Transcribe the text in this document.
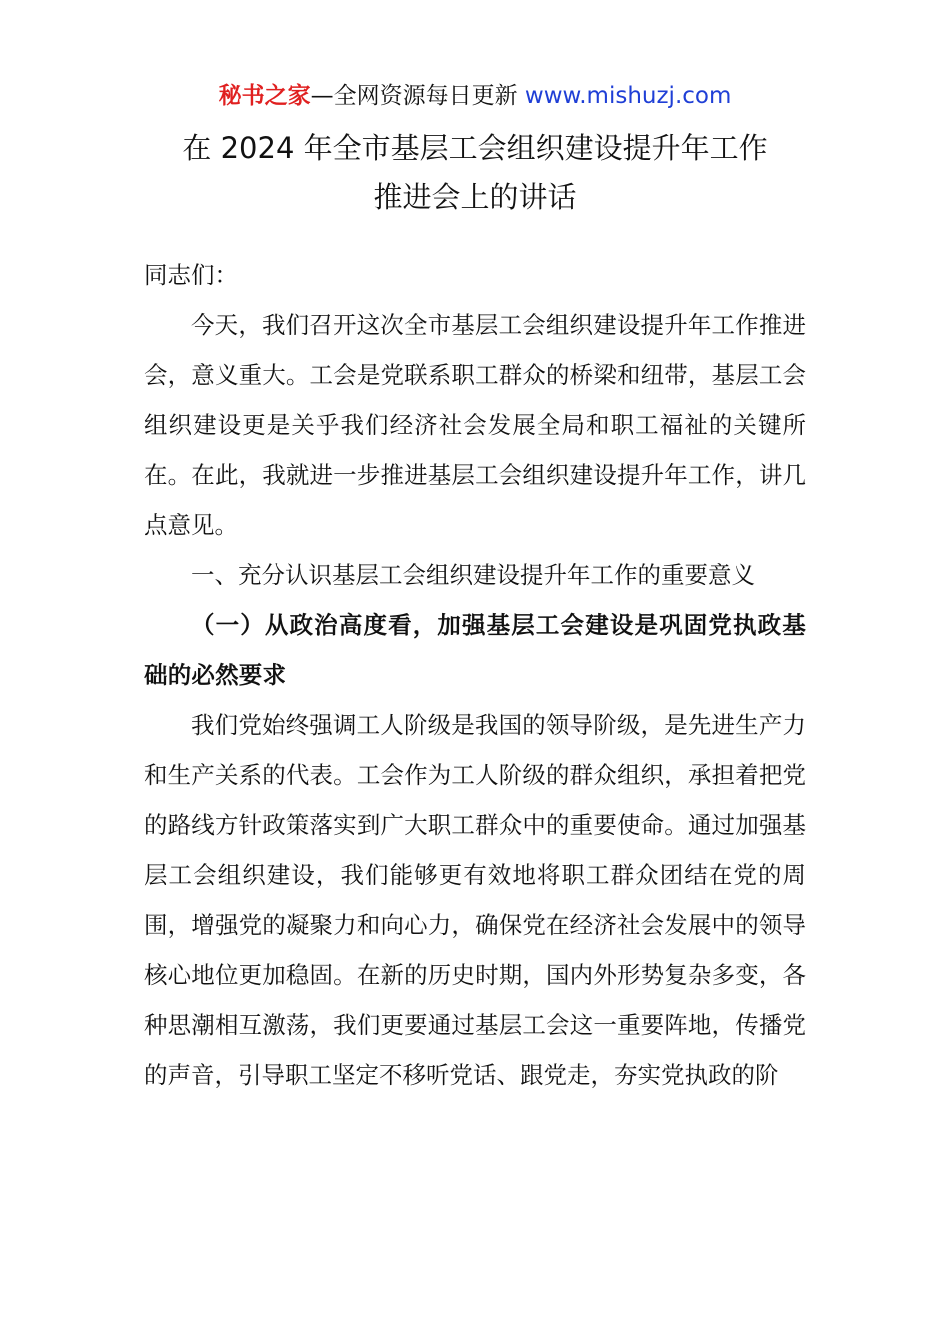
秘书之家—全网资源每日更新 www.mishuzj.com
在 2024 年全市基层工会组织建设提升年工作
推进会上的讲话

同志们：

今天，我们召开这次全市基层工会组织建设提升年工作推进会，意义重大。工会是党联系职工群众的桥梁和纽带，基层工会组织建设更是关乎我们经济社会发展全局和职工福祉的关键所在。在此，我就进一步推进基层工会组织建设提升年工作，讲几点意见。

一、充分认识基层工会组织建设提升年工作的重要意义

（一）从政治高度看，加强基层工会建设是巩固党执政基础的必然要求

我们党始终强调工人阶级是我国的领导阶级，是先进生产力和生产关系的代表。工会作为工人阶级的群众组织，承担着把党的路线方针政策落实到广大职工群众中的重要使命。通过加强基层工会组织建设，我们能够更有效地将职工群众团结在党的周围，增强党的凝聚力和向心力，确保党在经济社会发展中的领导核心地位更加稳固。在新的历史时期，国内外形势复杂多变，各种思潮相互激荡，我们更要通过基层工会这一重要阵地，传播党的声音，引导职工坚定不移听党话、跟党走，夯实党执政的阶
